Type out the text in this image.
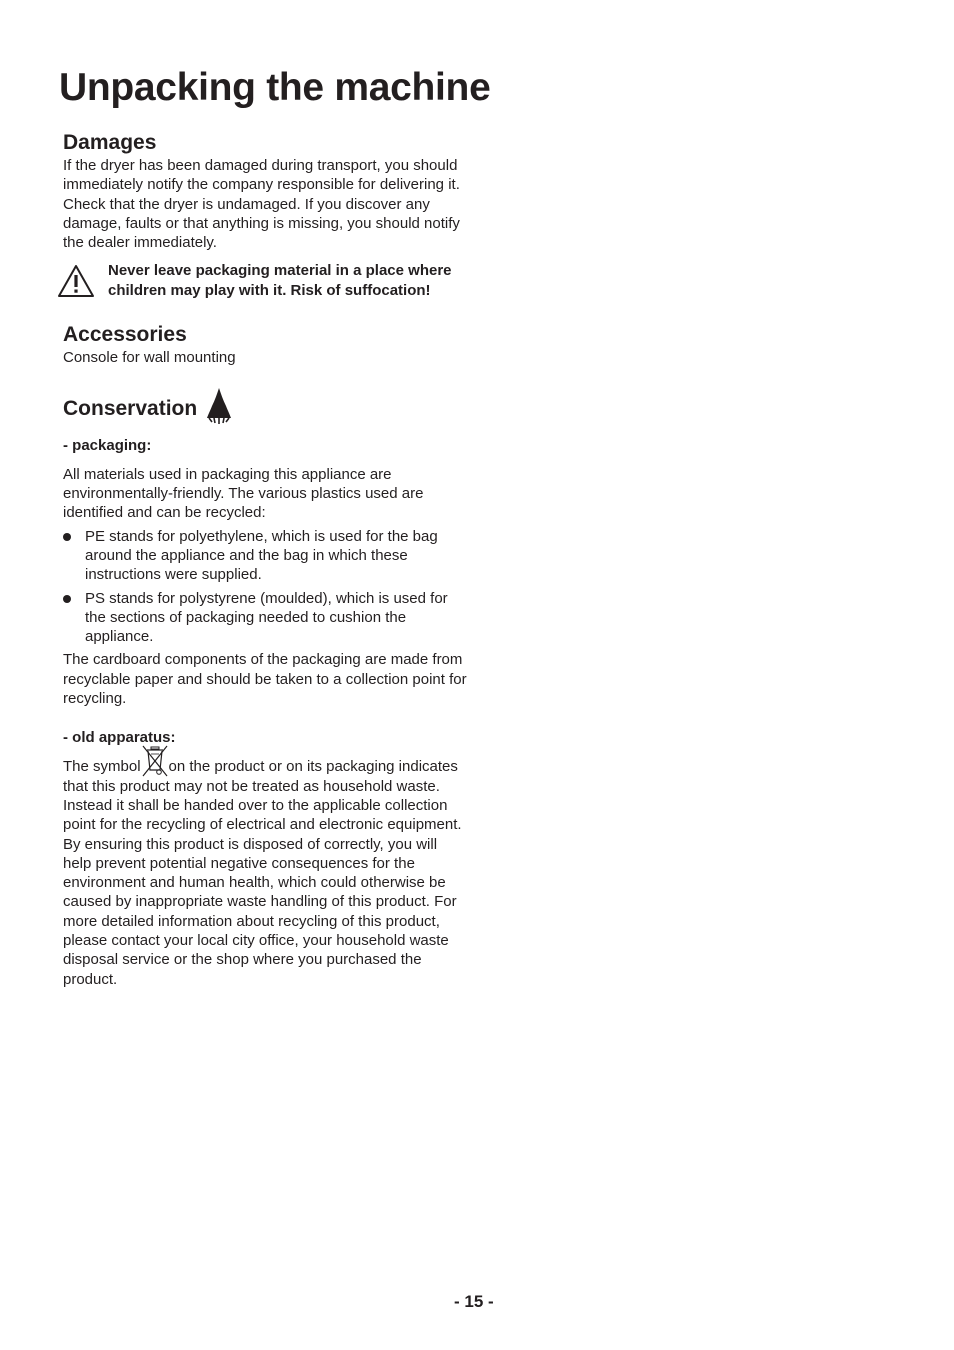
Unpacking the machine
Damages

If the dryer has been damaged during transport, you should immediately notify the company responsible for delivering it.

Check that the dryer is undamaged. If you discover any damage, faults or that anything is missing, you should notify the dealer immediately.

Never leave packaging material in a place where children may play with it. Risk of suffocation!
Accessories

Console for wall mounting

Conservation
- packaging:

All materials used in packaging this appliance are environmentally-friendly. The various plastics used are identified and can be recycled:

PE stands for polyethylene, which is used for the bag around the appliance and the bag in which these instructions were supplied.
PS stands for polystyrene (moulded), which is used for the sections of packaging needed to cushion the appliance.

The cardboard components of the packaging are made from recyclable paper and should be taken to a collection point for recycling.

- old apparatus:

The symbol on the product or on its packaging indicates that this product may not be treated as household waste. Instead it shall be handed over to the applicable collection point for the recycling of electrical and electronic equipment. By ensuring this product is disposed of correctly, you will help prevent potential negative consequences for the environment and human health, which could otherwise be caused by inappropriate waste handling of this product. For more detailed information about recycling of this product, please contact your local city office, your household waste disposal service or the shop where you purchased the product.

- 15 -
